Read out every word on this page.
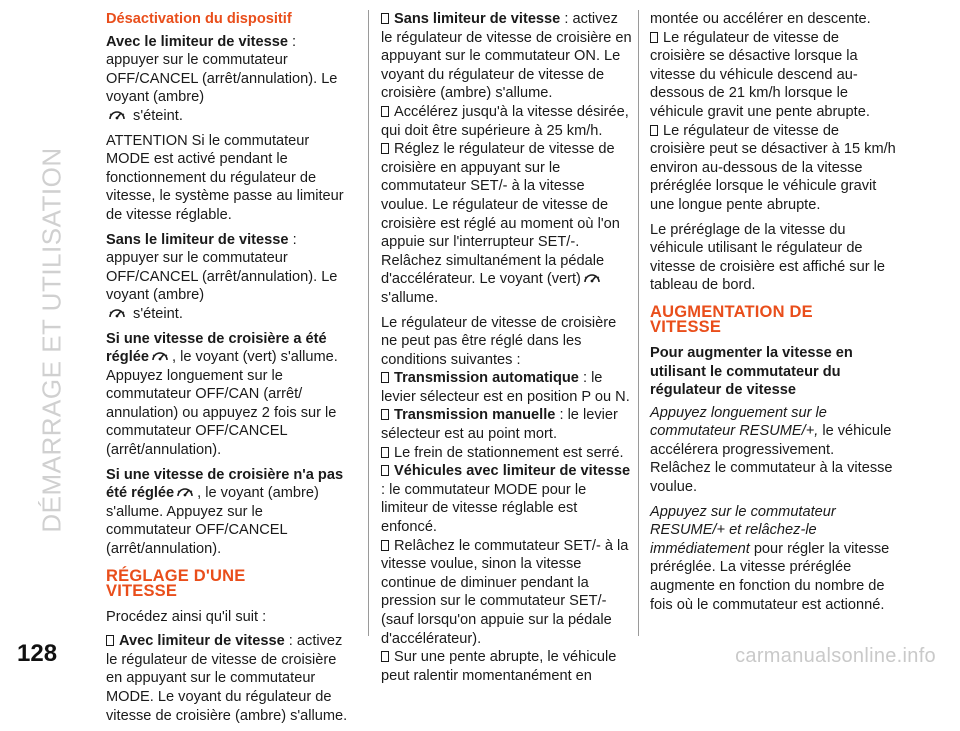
DÉMARRAGE ET UTILISATION

Désactivation du dispositif

Avec le limiteur de vitesse : appuyer sur le commutateur OFF/CANCEL (arrêt/annulation). Le voyant (ambre)
s'éteint.

ATTENTION Si le commutateur MODE est activé pendant le fonctionnement du régulateur de vitesse, le système passe au limiteur de vitesse réglable.

Sans le limiteur de vitesse : appuyer sur le commutateur OFF/CANCEL (arrêt/annulation). Le voyant (ambre)
s'éteint.

Si une vitesse de croisière a été réglée , le voyant (vert) s'allume. Appuyez longuement sur le commutateur OFF/CAN (arrêt/ annulation) ou appuyez 2 fois sur le commutateur OFF/CANCEL (arrêt/annulation).

Si une vitesse de croisière n'a pas été réglée , le voyant (ambre) s'allume. Appuyez sur le commutateur OFF/CANCEL (arrêt/annulation).

RÉGLAGE D'UNE
VITESSE

Procédez ainsi qu'il suit :

Avec limiteur de vitesse : activez le régulateur de vitesse de croisière en appuyant sur le commutateur MODE. Le voyant du régulateur de vitesse de croisière (ambre) s'allume.

Sans limiteur de vitesse : activez le régulateur de vitesse de croisière en appuyant sur le commutateur ON. Le voyant du régulateur de vitesse de croisière (ambre) s'allume.

Accélérez jusqu'à la vitesse désirée, qui doit être supérieure à 25 km/h.

Réglez le régulateur de vitesse de croisière en appuyant sur le commutateur SET/- à la vitesse voulue. Le régulateur de vitesse de croisière est réglé au moment où l'on appuie sur l'interrupteur SET/-. Relâchez simultanément la pédale d'accélérateur. Le voyant (vert) s'allume.

Le régulateur de vitesse de croisière ne peut pas être réglé dans les conditions suivantes :

Transmission automatique : le levier sélecteur est en position P ou N.

Transmission manuelle : le levier sélecteur est au point mort.

Le frein de stationnement est serré.

Véhicules avec limiteur de vitesse : le commutateur MODE pour le limiteur de vitesse réglable est enfoncé.

Relâchez le commutateur SET/- à la vitesse voulue, sinon la vitesse continue de diminuer pendant la pression sur le commutateur SET/- (sauf lorsqu'on appuie sur la pédale d'accélérateur).

Sur une pente abrupte, le véhicule peut ralentir momentanément en

montée ou accélérer en descente.

Le régulateur de vitesse de croisière se désactive lorsque la vitesse du véhicule descend au-dessous de 21 km/h lorsque le véhicule gravit une pente abrupte.

Le régulateur de vitesse de croisière peut se désactiver à 15 km/h environ au-dessous de la vitesse préréglée lorsque le véhicule gravit une longue pente abrupte.

Le préréglage de la vitesse du véhicule utilisant le régulateur de vitesse de croisière est affiché sur le tableau de bord.

AUGMENTATION DE
VITESSE

Pour augmenter la vitesse en utilisant le commutateur du régulateur de vitesse

Appuyez longuement sur le commutateur RESUME/+, le véhicule accélérera progressivement. Relâchez le commutateur à la vitesse voulue.

Appuyez sur le commutateur RESUME/+ et relâchez-le immédiatement pour régler la vitesse préréglée. La vitesse préréglée augmente en fonction du nombre de fois où le commutateur est actionné.

128	carmanualsonline.info
